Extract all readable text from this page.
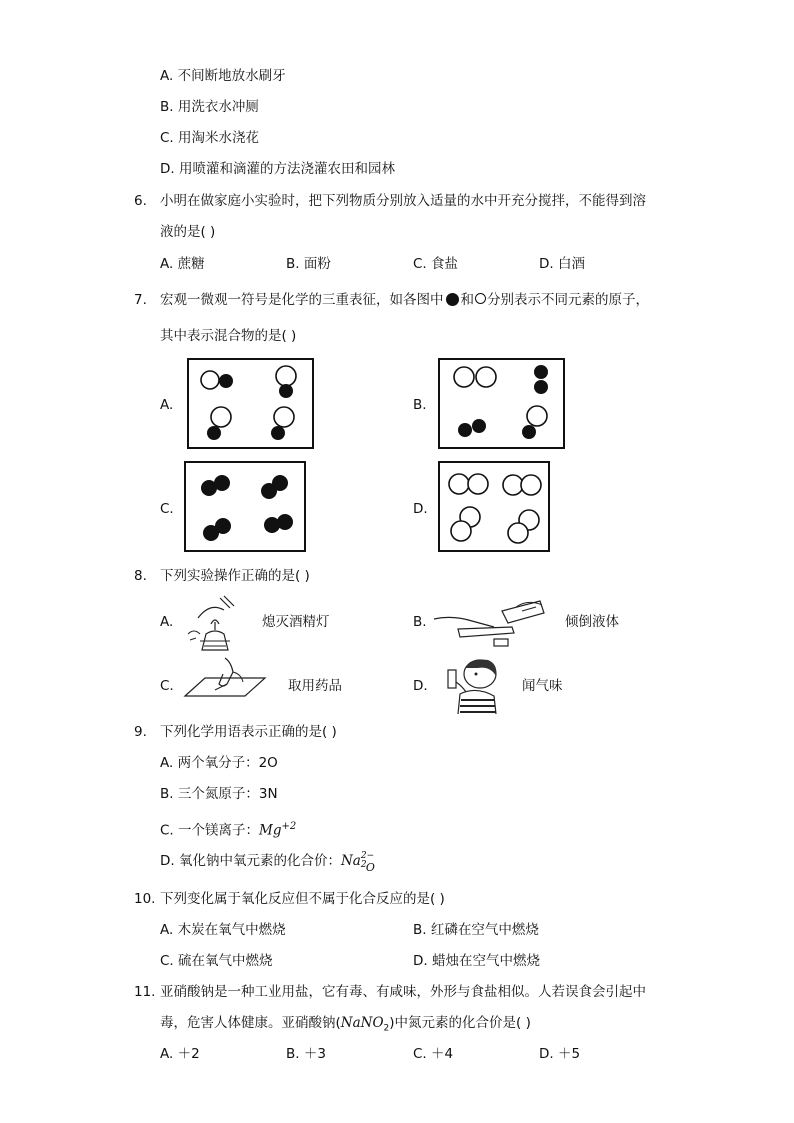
A. 不间断地放水刷牙
B. 用洗衣水冲厕
C. 用淘米水浇花
D. 用喷灌和滴灌的方法浇灌农田和园林
6. 小明在做家庭小实验时，把下列物质分别放入适量的水中开充分搅拌，不能得到溶
液的是( )
A. 蔗糖	B. 面粉	C. 食盐	D. 白酒
7. 宏观一微观一符号是化学的三重表征，如各图中 和 分别表示不同元素的原子，
其中表示混合物的是( )
A.	B.
C.	D.
8. 下列实验操作正确的是( )
A.	熄灭酒精灯	B.	倾倒液体
C.	取用药品	D.	闻气味
9. 下列化学用语表示正确的是( )
A. 两个氧分子：2O
B. 三个氮原子：3N
C. 一个镁离子：$Mg^{+2}$
D. 氧化钠中氧元素的化合价：Na 2−
2 O
10. 下列变化属于氧化反应但不属于化合反应的是( )
A. 木炭在氧气中燃烧	B. 红磷在空气中燃烧
C. 硫在氧气中燃烧	D. 蜡烛在空气中燃烧
11. 亚硝酸钠是一种工业用盐，它有毒、有咸味，外形与食盐相似。人若误食会引起中
毒，危害人体健康。亚硝酸钠(NaNO$_2$)中氮元素的化合价是( )
A. ＋2	B. ＋3	C. ＋4	D. ＋5
